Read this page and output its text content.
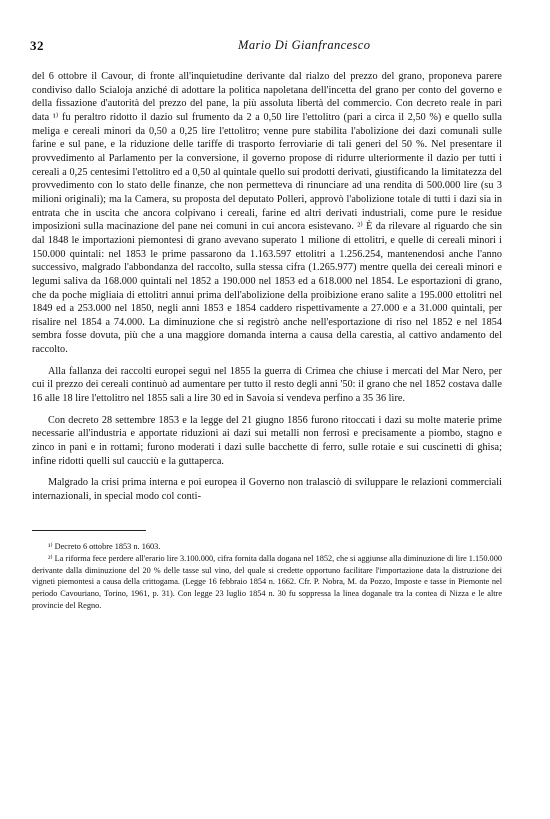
32	Mario Di Gianfrancesco

del 6 ottobre il Cavour, di fronte all'inquietudine derivante dal rialzo del prezzo del grano, proponeva parere condiviso dallo Scialoja anziché di adottare la politica napoletana dell'incetta del grano per conto del governo e della fissazione d'autorità del prezzo del pane, la più assoluta libertà del commercio. Con decreto reale in pari data ¹⁾ fu peraltro ridotto il dazio sul frumento da 2 a 0,50 lire l'ettolitro (pari a circa il 2,50 %) e quello sulla meliga e cereali minori da 0,50 a 0,25 lire l'ettolitro; venne pure stabilita l'abolizione dei dazi comunali sulle farine e sul pane, e la riduzione delle tariffe di trasporto ferroviarie di tali generi del 50 %. Nel presentare il provvedimento al Parlamento per la conversione, il governo propose di ridurre ulteriormente il dazio per tutti i cereali a 0,25 centesimi l'ettolitro ed a 0,50 al quintale quello sui prodotti derivati, giustificando la limitatezza del provvedimento con lo stato delle finanze, che non permetteva di rinunciare ad una rendita di 500.000 lire (su 3 milioni originali); ma la Camera, su proposta del deputato Polleri, approvò l'abolizione totale di tutti i dazi sia in entrata che in uscita che ancora colpivano i cereali, farine ed altri derivati industriali, come pure le residue imposizioni sulla macinazione del pane nei comuni in cui ancora esistevano. ²⁾ È da rilevare al riguardo che sin dal 1848 le importazioni piemontesi di grano avevano superato 1 milione di ettolitri, e quelle di cereali minori i 150.000 quintali: nel 1853 le prime passarono da 1.163.597 ettolitri a 1.256.254, mantenendosi anche l'anno successivo, malgrado l'abbondanza del raccolto, sulla stessa cifra (1.265.977) mentre quella dei cereali minori e legumi saliva da 168.000 quintali nel 1852 a 190.000 nel 1853 ed a 618.000 nel 1854. Le esportazioni di grano, che da poche migliaia di ettolitri annui prima dell'abolizione della proibizione erano salite a 195.000 ettolitri nel 1849 ed a 253.000 nel 1850, negli anni 1853 e 1854 caddero rispettivamente a 27.000 e a 31.000 quintali, per risalire nel 1854 a 74.000. La diminuzione che si registrò anche nell'esportazione di riso nel 1852 e nel 1854 sembra fosse dovuta, più che a una maggiore domanda interna a causa della carestia, al cattivo andamento del raccolto.

Alla fallanza dei raccolti europei seguì nel 1855 la guerra di Crimea che chiuse i mercati del Mar Nero, per cui il prezzo dei cereali continuò ad aumentare per tutto il resto degli anni '50: il grano che nel 1852 costava dalle 16 alle 18 lire l'ettolitro nel 1855 salì a lire 30 ed in Savoia si vendeva perfino a 35 36 lire.

Con decreto 28 settembre 1853 e la legge del 21 giugno 1856 furono ritoccati i dazi su molte materie prime necessarie all'industria e apportate riduzioni ai dazi sui metalli non ferrosi e precisamente a piombo, stagno e zinco in pani e in rottami; furono moderati i dazi sulle bacchette di ferro, sulle rotaie e sui cuscinetti di ghisa; infine ridotti quelli sul caucciù e la guttaperca.

Malgrado la crisi prima interna e poi europea il Governo non tralasciò di sviluppare le relazioni commerciali internazionali, in special modo col conti-

¹⁾ Decreto 6 ottobre 1853 n. 1603.

²⁾ La riforma fece perdere all'erario lire 3.100.000, cifra fornita dalla dogana nel 1852, che si aggiunse alla diminuzione di lire 1.150.000 derivante dalla diminuzione del 20 % delle tasse sul vino, del quale si credette opportuno facilitare l'importazione data la distruzione dei vigneti piemontesi a causa della crittogama. (Legge 16 febbraio 1854 n. 1662. Cfr. P. Nobra, M. da Pozzo, Imposte e tasse in Piemonte nel periodo Cavouriano, Torino, 1961, p. 31). Con legge 23 luglio 1854 n. 30 fu soppressa la linea doganale tra la contea di Nizza e le altre provincie del Regno.
